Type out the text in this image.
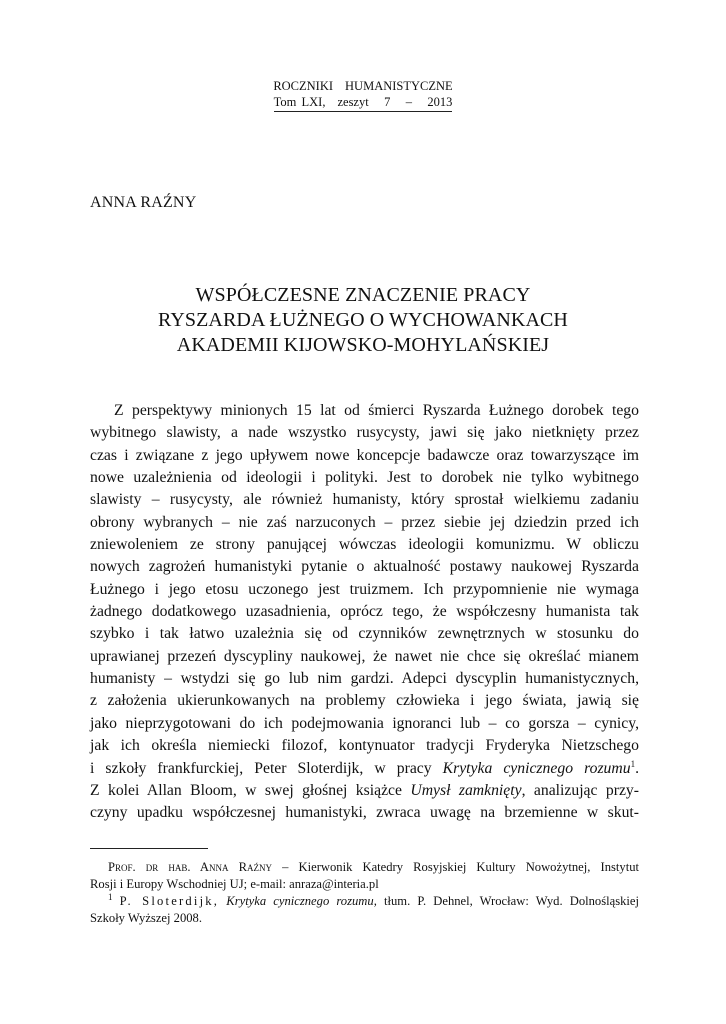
ROCZNIKI HUMANISTYCZNE
Tom LXI, zeszyt 7 – 2013
ANNA RAŹNY
WSPÓŁCZESNE ZNACZENIE PRACY
RYSZARDA ŁUŻNEGO O WYCHOWANKACH
AKADEMII KIJOWSKO-MOHYLAŃSKIEJ
Z perspektywy minionych 15 lat od śmierci Ryszarda Łużnego dorobek tego
wybitnego slawisty, a nade wszystko rusycysty, jawi się jako nietknięty przez
czas i związane z jego upływem nowe koncepcje badawcze oraz towarzyszące im
nowe uzależnienia od ideologii i polityki. Jest to dorobek nie tylko wybitnego
slawisty – rusycysty, ale również humanisty, który sprostał wielkiemu zadaniu
obrony wybranych – nie zaś narzuconych – przez siebie jej dziedzin przed ich
zniewoleniem ze strony panującej wówczas ideologii komunizmu. W obliczu
nowych zagrożeń humanistyki pytanie o aktualność postawy naukowej Ryszarda
Łużnego i jego etosu uczonego jest truizmem. Ich przypomnienie nie wymaga
żadnego dodatkowego uzasadnienia, oprócz tego, że współczesny humanista tak
szybko i tak łatwo uzależnia się od czynników zewnętrznych w stosunku do
uprawianej przezeń dyscypliny naukowej, że nawet nie chce się określać mianem
humanisty – wstydzi się go lub nim gardzi. Adepci dyscyplin humanistycznych,
z założenia ukierunkowanych na problemy człowieka i jego świata, jawią się
jako nieprzygotowani do ich podejmowania ignoranci lub – co gorsza – cynicy,
jak ich określa niemiecki filozof, kontynuator tradycji Fryderyka Nietzschego
i szkoły frankfurckiej, Peter Sloterdijk, w pracy Krytyka cynicznego rozumu$^1$.
Z kolei Allan Bloom, w swej głośnej książce Umysł zamknięty, analizując przy-
czyny upadku współczesnej humanistyki, zwraca uwagę na brzemienne w skut-
Prof. dr hab. Anna Raźny – Kierwonik Katedry Rosyjskiej Kultury Nowożytnej, Instytut
Rosji i Europy Wschodniej UJ; e-mail: anraza@interia.pl
$^1$ P. Sloterdijk, Krytyka cynicznego rozumu, tłum. P. Dehnel, Wrocław: Wyd. Dolnośląskiej
Szkoły Wyższej 2008.
